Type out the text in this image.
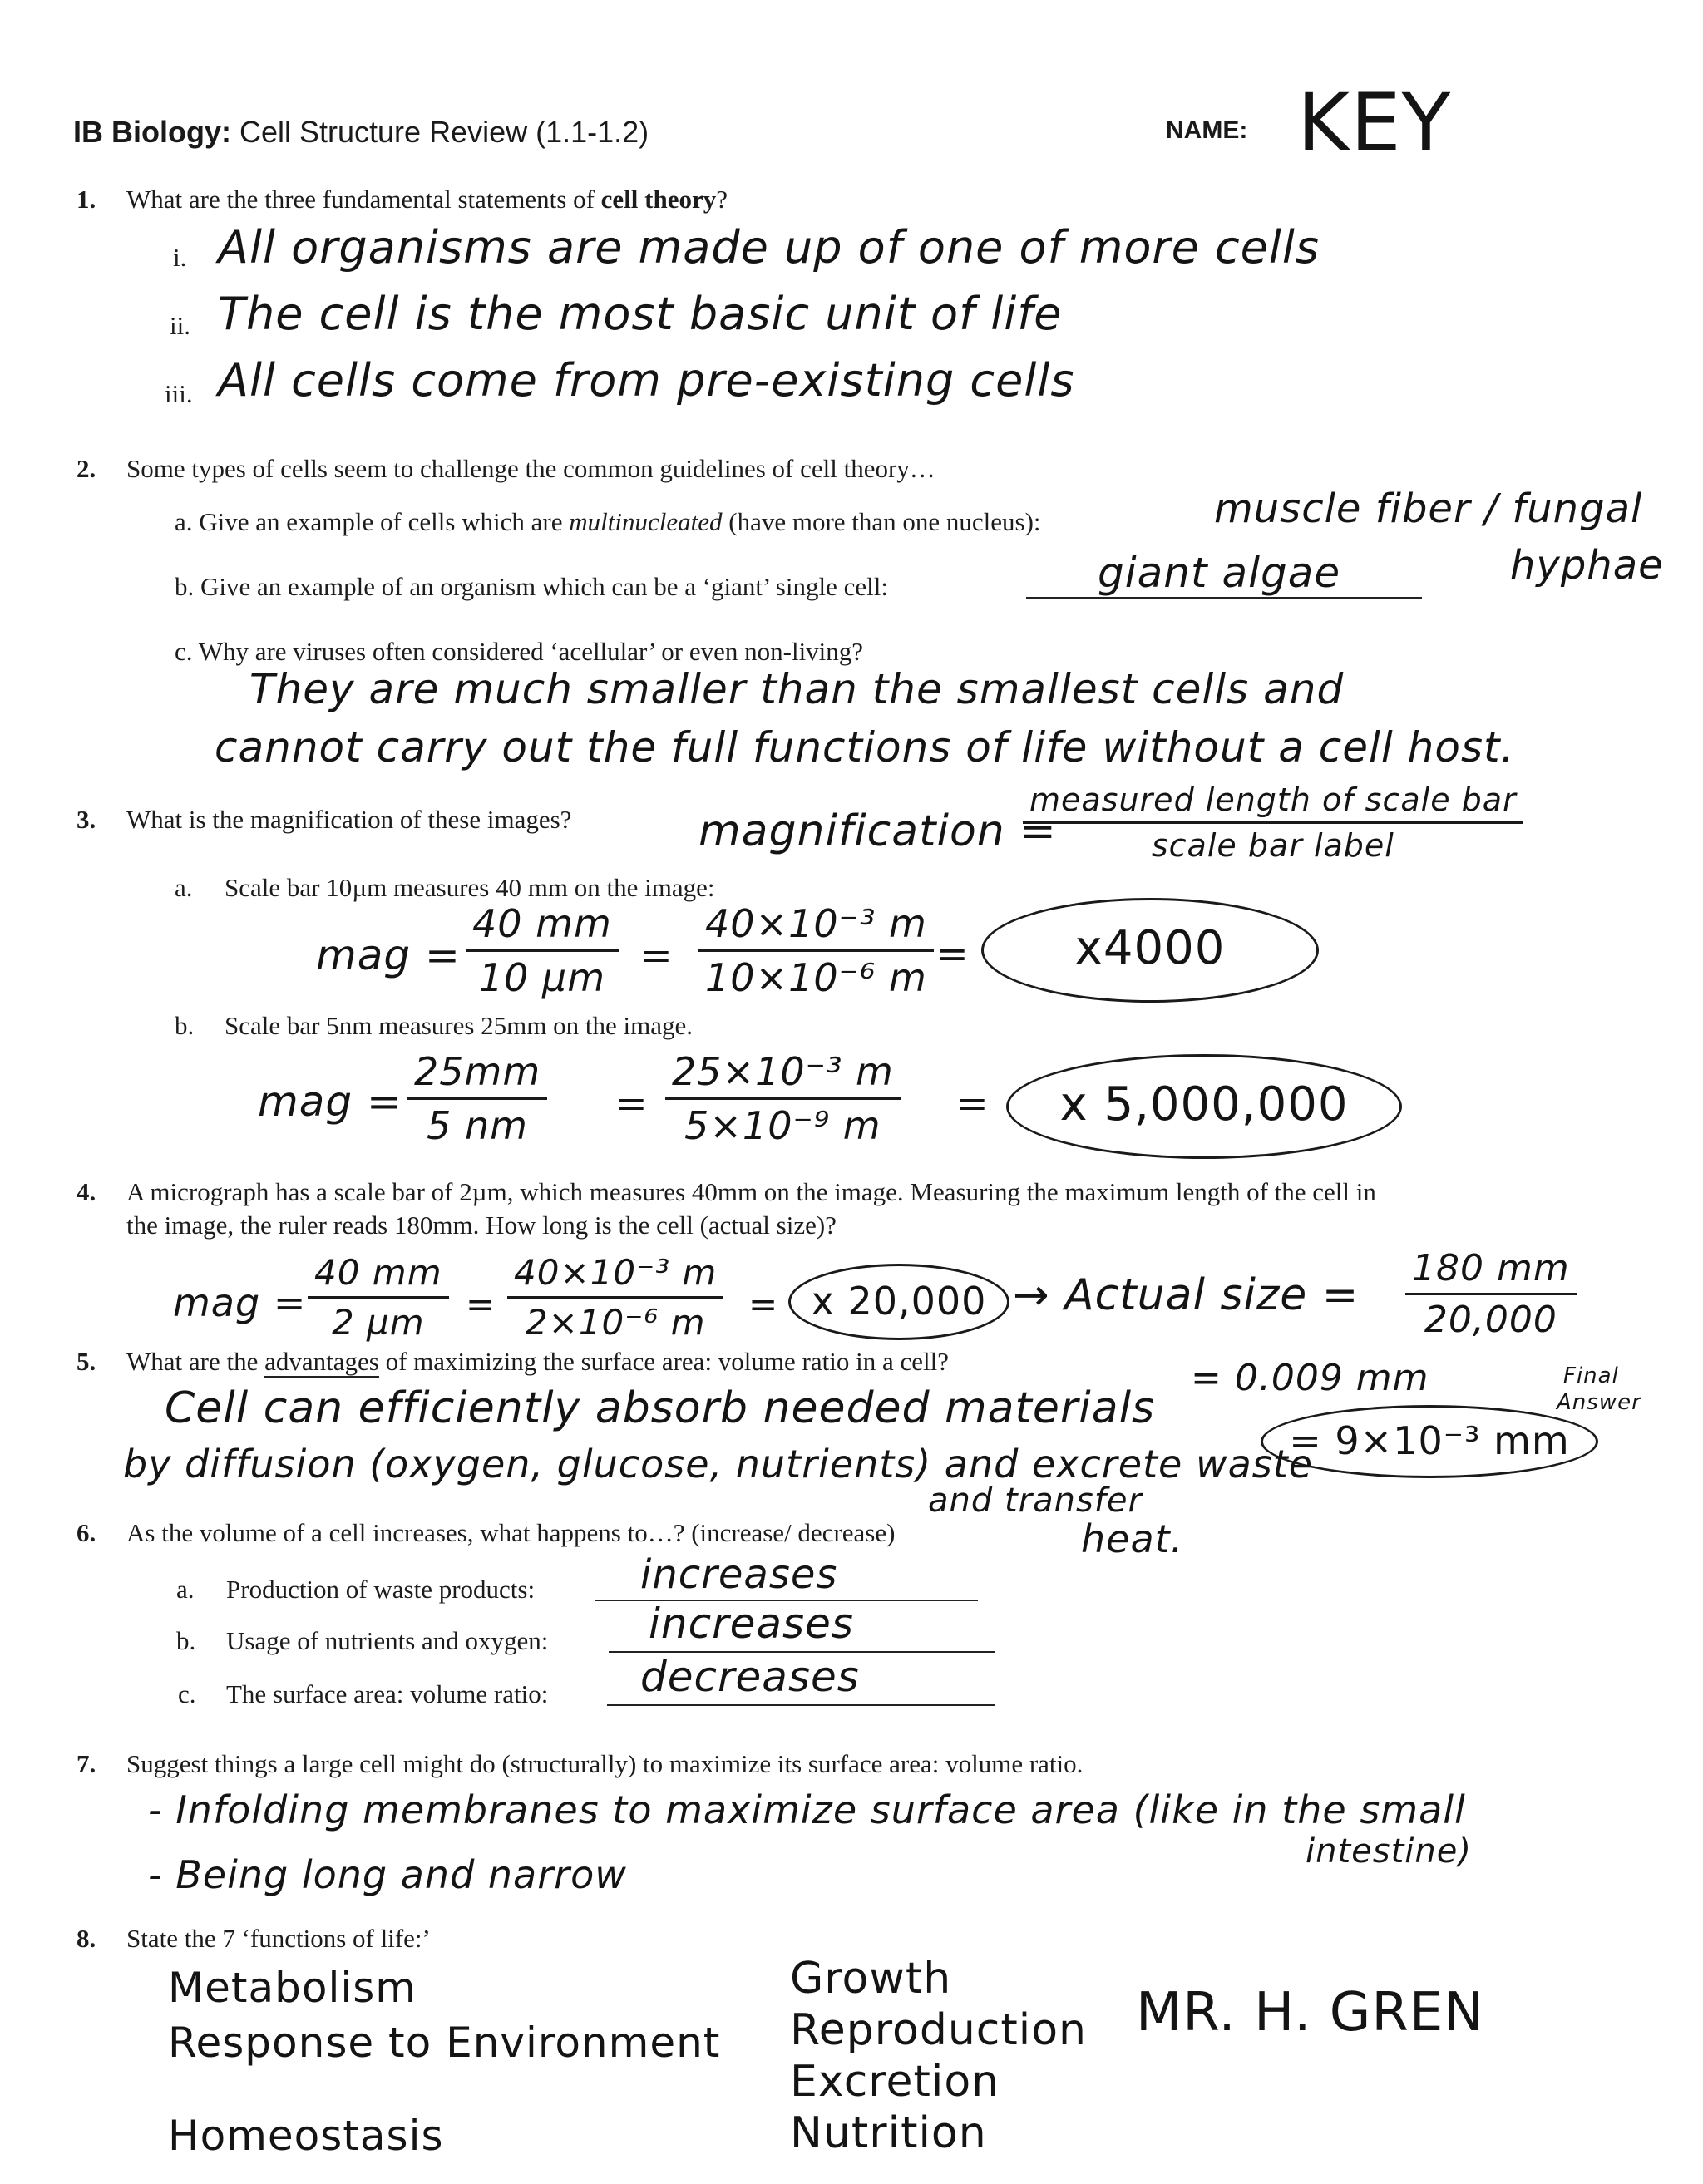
IB Biology: Cell Structure Review (1.1-1.2)	NAME: KEY
1. What are the three fundamental statements of cell theory?
i. All organisms are made up of one of more cells
ii. The cell is the most basic unit of life
iii. All cells come from pre-existing cells
2. Some types of cells seem to challenge the common guidelines of cell theory…
a. Give an example of cells which are multinucleated (have more than one nucleus):	muscle fiber / fungal
hyphae
b. Give an example of an organism which can be a ‘giant’ single cell:	giant algae
c. Why are viruses often considered ‘acellular’ or even non-living?
They are much smaller than the smallest cells and
cannot carry out the full functions of life without a cell host.
3. What is the magnification of these images?	magnification =
$\frac{\text{measured length of scale bar}}{\text{scale bar label}}$
a. Scale bar 10µm measures 40 mm on the image:
mag = $\frac{40 mm}{\text{10 µm}} = \frac{\text{40×10⁻³ m}}{\text{10×10⁻⁶ m}}$ =	x4000
b. Scale bar 5nm measures 25mm on the image.
mag = $\frac{25mm}{5 nm} = \frac{\text{25×10⁻³ m}}{\text{5×10⁻⁹ m}}$ =	x 5,000,000
4. A micrograph has a scale bar of 2µm, which measures 40mm on the image. Measuring the maximum length of the cell in
the image, the ruler reads 180mm. How long is the cell (actual size)?
mag = $\frac{40 mm}{\text{2 µm}} = \frac{\text{40×10⁻³ m}}{\text{2×10⁻⁶ m}} = x$ 20,000 → Actual size = $\frac{180 mm}{20,000}$
= 0.009 mm
= 9×10⁻³ mm
Final
Answer
5. What are the advantages of maximizing the surface area: volume ratio in a cell?
Cell can efficiently absorb needed materials
by diffusion (oxygen, glucose, nutrients) and excrete waste
and transfer
heat.
6. As the volume of a cell increases, what happens to…? (increase/ decrease)
a. Production of waste products:	increases
b. Usage of nutrients and oxygen: increases
c. The surface area: volume ratio: decreases
7. Suggest things a large cell might do (structurally) to maximize its surface area: volume ratio.
- Infolding membranes to maximize surface area (like in the small
intestine)
- Being long and narrow
8. State the 7 ‘functions of life:’
Metabolism
Response to Environment
Homeostasis
Growth
Reproduction
Excretion
Nutrition
MR. H. GREN
